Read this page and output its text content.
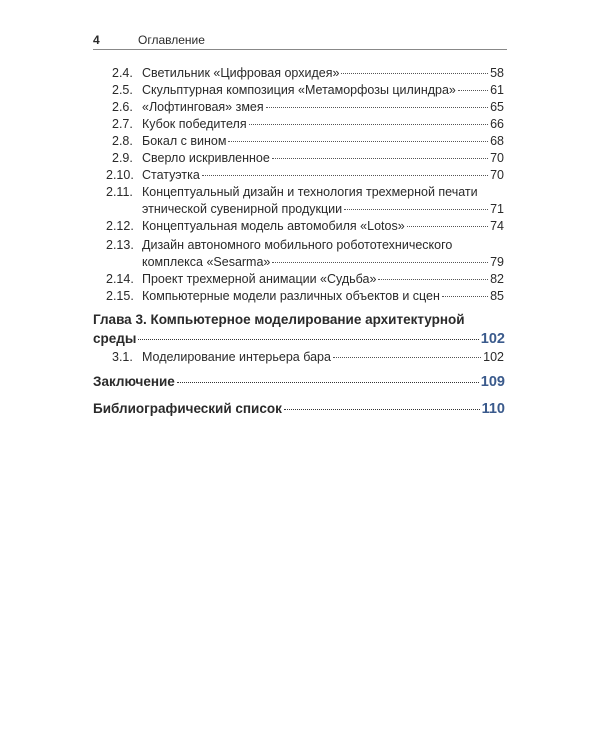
4	Оглавление
2.4. Светильник «Цифровая орхидея»	58
2.5. Скульптурная композиция «Метаморфозы цилиндра»	61
2.6. «Лофтинговая» змея	65
2.7. Кубок победителя	66
2.8. Бокал с вином	68
2.9. Сверло искривленное	70
2.10. Статуэтка	70
2.11. Концептуальный дизайн и технология трехмерной печати
этнической сувенирной продукции	71
2.12. Концептуальная модель автомобиля «Lotos»	74
2.13. Дизайн автономного мобильного робототехнического
комплекса «Sesarma»	79
2.14. Проект трехмерной анимации «Судьба»	82
2.15. Компьютерные модели различных объектов и сцен	85
Глава 3. Компьютерное моделирование архитектурной
среды	102
3.1. Моделирование интерьера бара	102
Заключение	109
Библиографический список	110
